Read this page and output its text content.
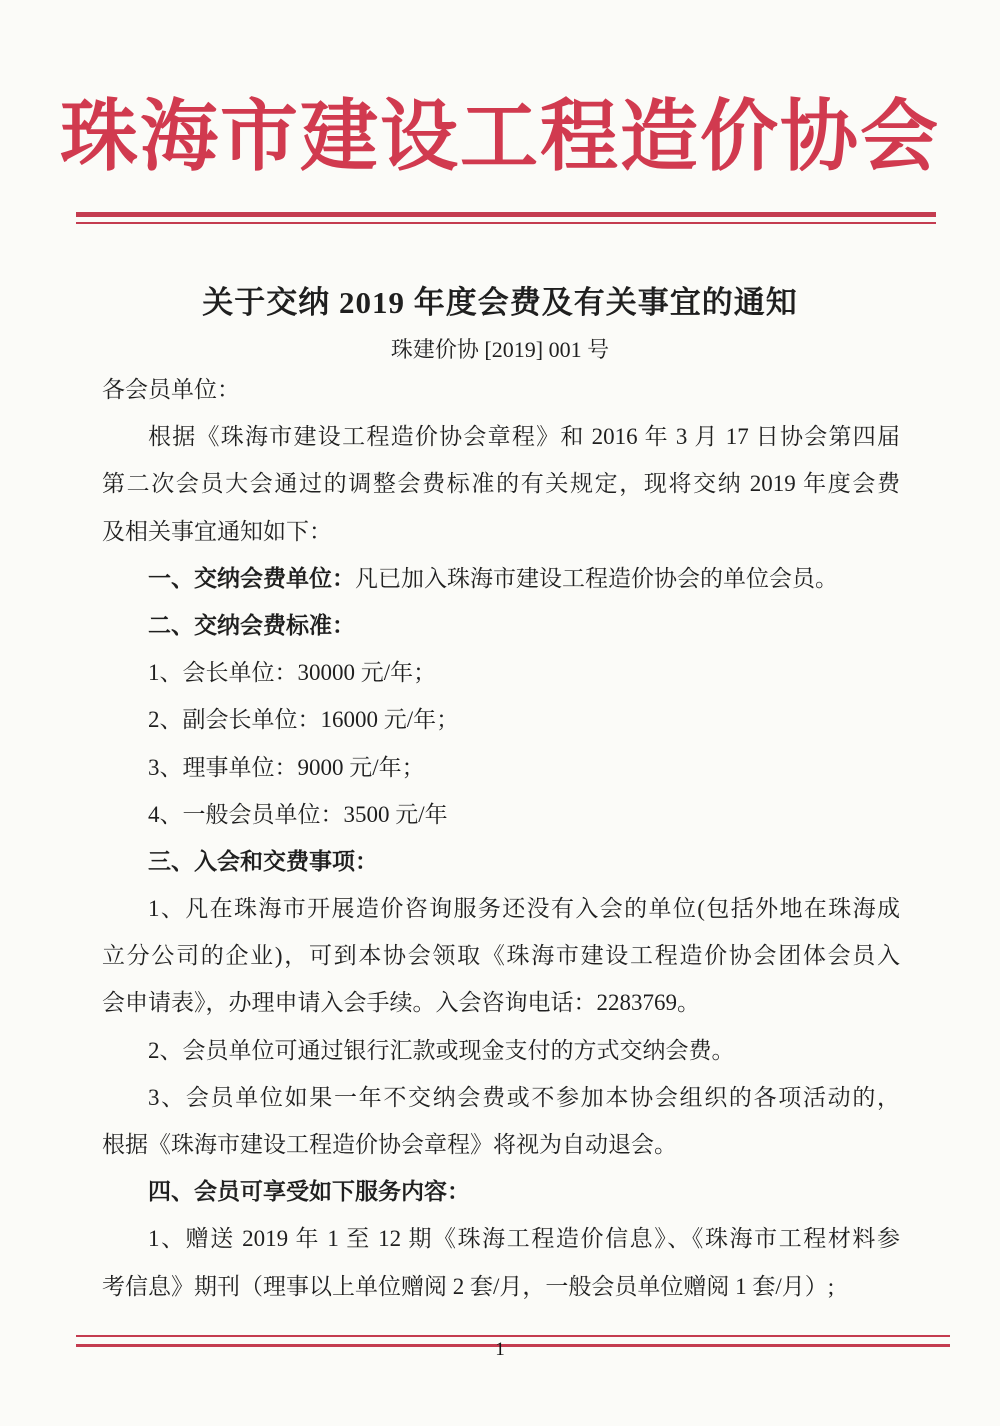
珠海市建设工程造价协会
关于交纳 2019 年度会费及有关事宜的通知
珠建价协 [2019] 001 号
各会员单位：
根据《珠海市建设工程造价协会章程》和 2016 年 3 月 17 日协会第四届
第二次会员大会通过的调整会费标准的有关规定，现将交纳 2019 年度会费
及相关事宜通知如下：
一、交纳会费单位：凡已加入珠海市建设工程造价协会的单位会员。
二、交纳会费标准：
1、会长单位：30000 元/年；
2、副会长单位：16000 元/年；
3、理事单位：9000 元/年；
4、一般会员单位：3500 元/年
三、入会和交费事项：
1、凡在珠海市开展造价咨询服务还没有入会的单位(包括外地在珠海成
立分公司的企业)，可到本协会领取《珠海市建设工程造价协会团体会员入
会申请表》，办理申请入会手续。入会咨询电话：2283769。
2、会员单位可通过银行汇款或现金支付的方式交纳会费。
3、会员单位如果一年不交纳会费或不参加本协会组织的各项活动的，
根据《珠海市建设工程造价协会章程》将视为自动退会。
四、会员可享受如下服务内容：
1、赠送 2019 年 1 至 12 期《珠海工程造价信息》、《珠海市工程材料参
考信息》期刊（理事以上单位赠阅 2 套/月，一般会员单位赠阅 1 套/月）;
1
